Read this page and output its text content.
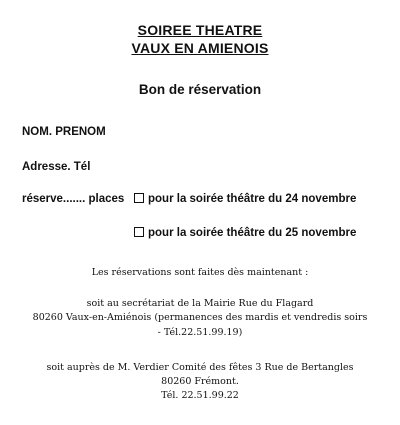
SOIREE THEATRE
VAUX EN AMIENOIS
Bon de réservation
NOM. PRENOM
Adresse. Tél
réserve....... places	pour la soirée théâtre du 24 novembre
pour la soirée théâtre du 25 novembre
Les réservations sont faites dès maintenant :
soit au secrétariat de la Mairie Rue du Flagard
80260 Vaux-en-Amiénois (permanences des mardis et vendredis soirs
- Tél.22.51.99.19)
soit auprès de M. Verdier Comité des fêtes 3 Rue de Bertangles
80260 Frémont.
Tél. 22.51.99.22
